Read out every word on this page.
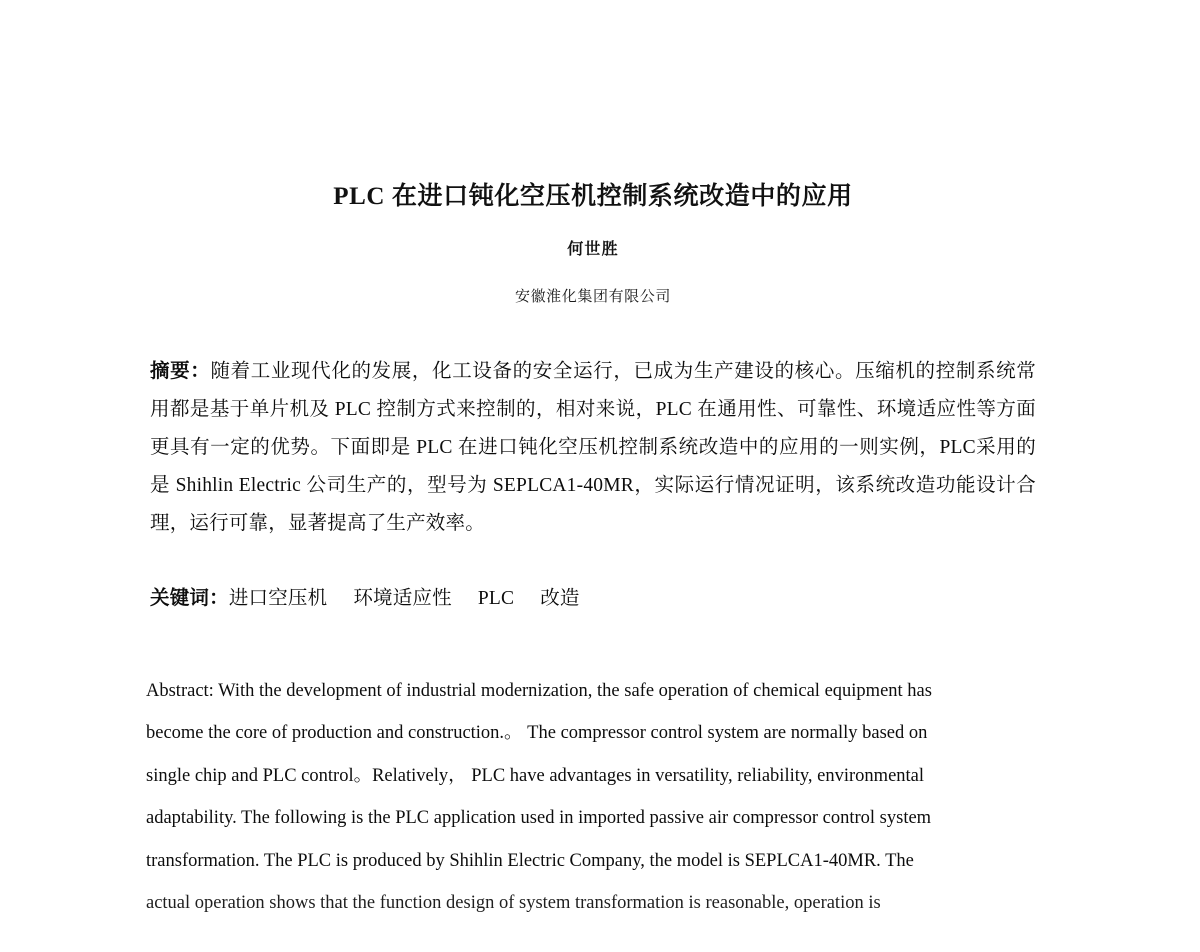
PLC 在进口钝化空压机控制系统改造中的应用
何世胜
安徽淮化集团有限公司

摘要：随着工业现代化的发展，化工设备的安全运行，已成为生产建设的核心。压缩机的控制系统常用都是基于单片机及 PLC 控制方式来控制的，相对来说，PLC 在通用性、可靠性、环境适应性等方面更具有一定的优势。下面即是 PLC 在进口钝化空压机控制系统改造中的应用的一则实例，PLC采用的是 Shihlin Electric 公司生产的，型号为 SEPLCA1-40MR，实际运行情况证明，该系统改造功能设计合理，运行可靠，显著提高了生产效率。

关键词：进口空压机 环境适应性 PLC 改造

Abstract: With the development of industrial modernization, the safe operation of chemical equipment has
become the core of production and construction.。 The compressor control system are normally based on
single chip and PLC control。Relatively， PLC have advantages in versatility, reliability, environmental
adaptability. The following is the PLC application used in imported passive air compressor control system
transformation. The PLC is produced by Shihlin Electric Company, the model is SEPLCA1-40MR. The
actual operation shows that the function design of system transformation is reasonable, operation is
